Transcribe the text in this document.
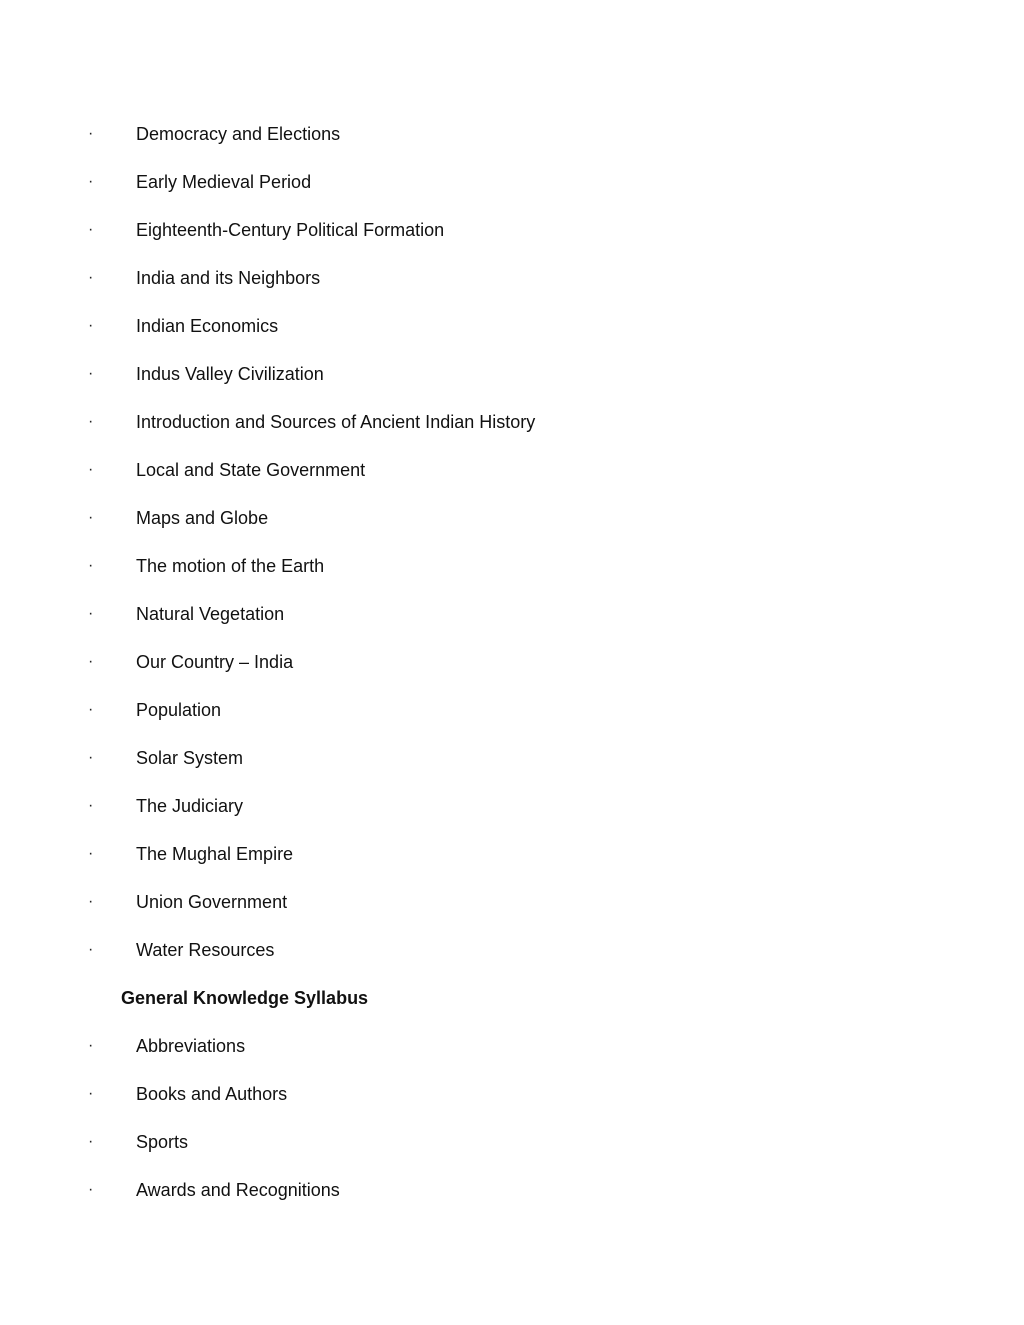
· Democracy and Elections
· Early Medieval Period
· Eighteenth-Century Political Formation
· India and its Neighbors
· Indian Economics
· Indus Valley Civilization
· Introduction and Sources of Ancient Indian History
· Local and State Government
· Maps and Globe
· The motion of the Earth
· Natural Vegetation
· Our Country – India
· Population
· Solar System
· The Judiciary
· The Mughal Empire
· Union Government
· Water Resources
General Knowledge Syllabus
· Abbreviations
· Books and Authors
· Sports
· Awards and Recognitions
